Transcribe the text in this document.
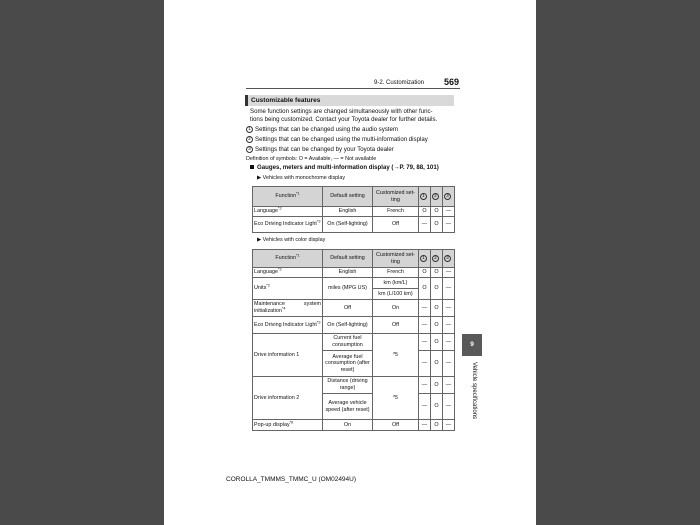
9-2. Customization 569
Customizable features
Some function settings are changed simultaneously with other func-
tions being customized. Contact your Toyota dealer for further details.
1 Settings that can be changed using the audio system
2 Settings that can be changed using the multi-information display
3 Settings that can be changed by your Toyota dealer
Definition of symbols: O = Available, — = Not available
Gauges, meters and multi-information display (→P. 79, 88, 101)
▶ Vehicles with monochrome display
Function$^{*1}$	Default setting	Customized set-ting	1	2	3
Language$^{*2}$	English	French	O	O	—
Eco Driving Indicator Light$^{*3}$	On (Self-lighting)	Off	—	O	—
▶ Vehicles with color display
Function$^{*1}$	Default setting	Customized set-ting	1	2	3
Language$^{*2}$	English	French	O	O	—
Units$^{*2}$	miles (MPG US)	km (km/L)	O	O	—
		km (L/100 km)			
Maintenance system initialization$^{*4}$	Off	On	—	O	—
Eco Driving Indicator Light$^{*3}$	On (Self-lighting)	Off	—	O	—
Drive information 1	Current fuel consumption	*5	—	O	—
	Average fuel consumption (after reset)		—	O	—
Drive information 2	Distance (driving range)	*5	—	O	—
	Average vehicle speed (after reset)		—	O	—
Pop-up display$^{*6}$	On	Off	—	O	—
9
Vehicle specifications
COROLLA_TMMMS_TMMC_U (OM02494U)
